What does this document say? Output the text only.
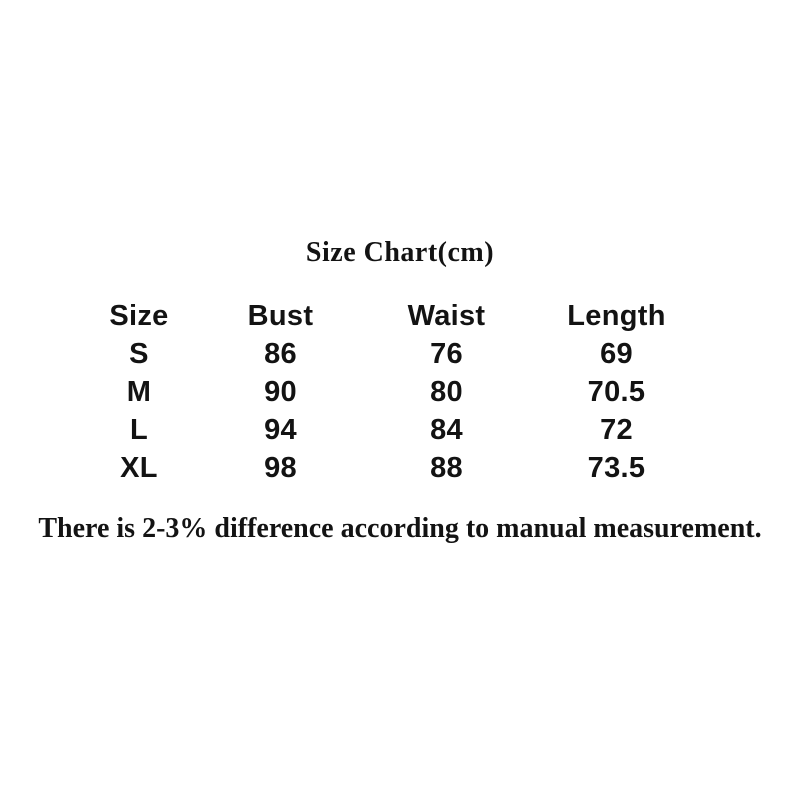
Size Chart(cm)
Size	Bust	Waist	Length
S	86	76	69
M	90	80	70.5
L	94	84	72
XL	98	88	73.5
There is 2-3% difference according to manual measurement.
